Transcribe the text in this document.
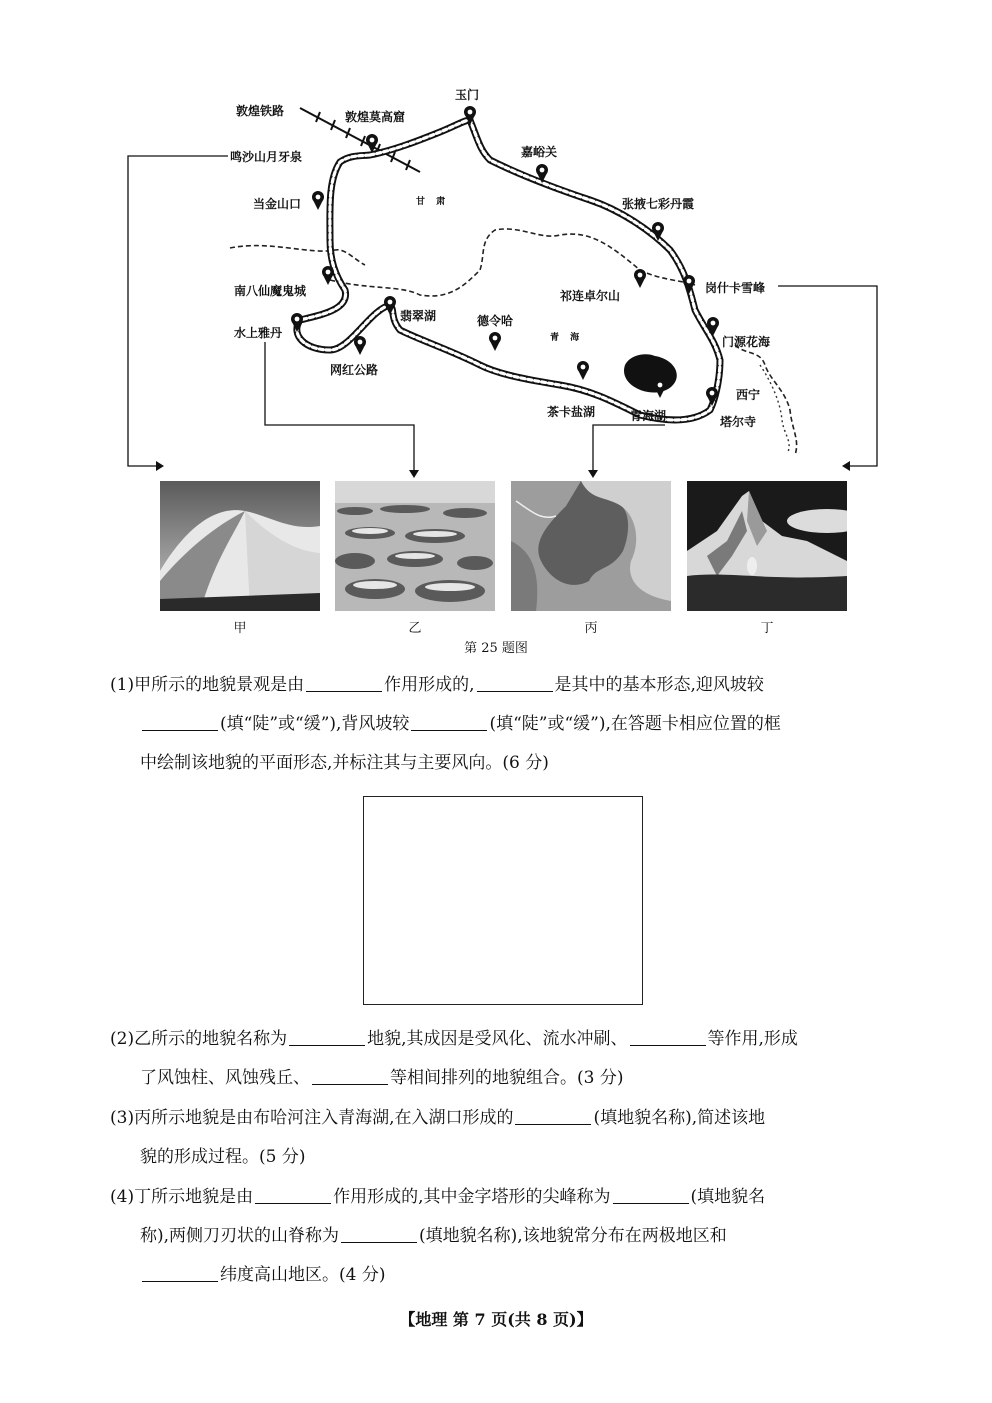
敦煌铁路	敦煌莫高窟
玉门
嘉峪关
鸣沙山月牙泉
当金山口	张掖七彩丹霞
甘 肃
岗什卡雪峰
祁连卓尔山
南八仙魔鬼城
翡翠湖	德令哈
青 海
水上雅丹
门源花海
网红公路
西宁
茶卡盐湖	青海湖	塔尔寺
甲	乙	丙	丁
第 25 题图
(1)甲所示的地貌景观是由	作用形成的,	是其中的基本形态,迎风坡较
(填“陡”或“缓”),背风坡较	(填“陡”或“缓”),在答题卡相应位置的框
中绘制该地貌的平面形态,并标注其与主要风向。(6 分)
(2)乙所示的地貌名称为	地貌,其成因是受风化、流水冲刷、	等作用,形成
了风蚀柱、风蚀残丘、	等相间排列的地貌组合。(3 分)
(3)丙所示地貌是由布哈河注入青海湖,在入湖口形成的	(填地貌名称),简述该地
貌的形成过程。(5 分)
(4)丁所示地貌是由	作用形成的,其中金字塔形的尖峰称为	(填地貌名
称),两侧刀刃状的山脊称为	(填地貌名称),该地貌常分布在两极地区和
纬度高山地区。(4 分)
【地理 第 7 页(共 8 页)】
